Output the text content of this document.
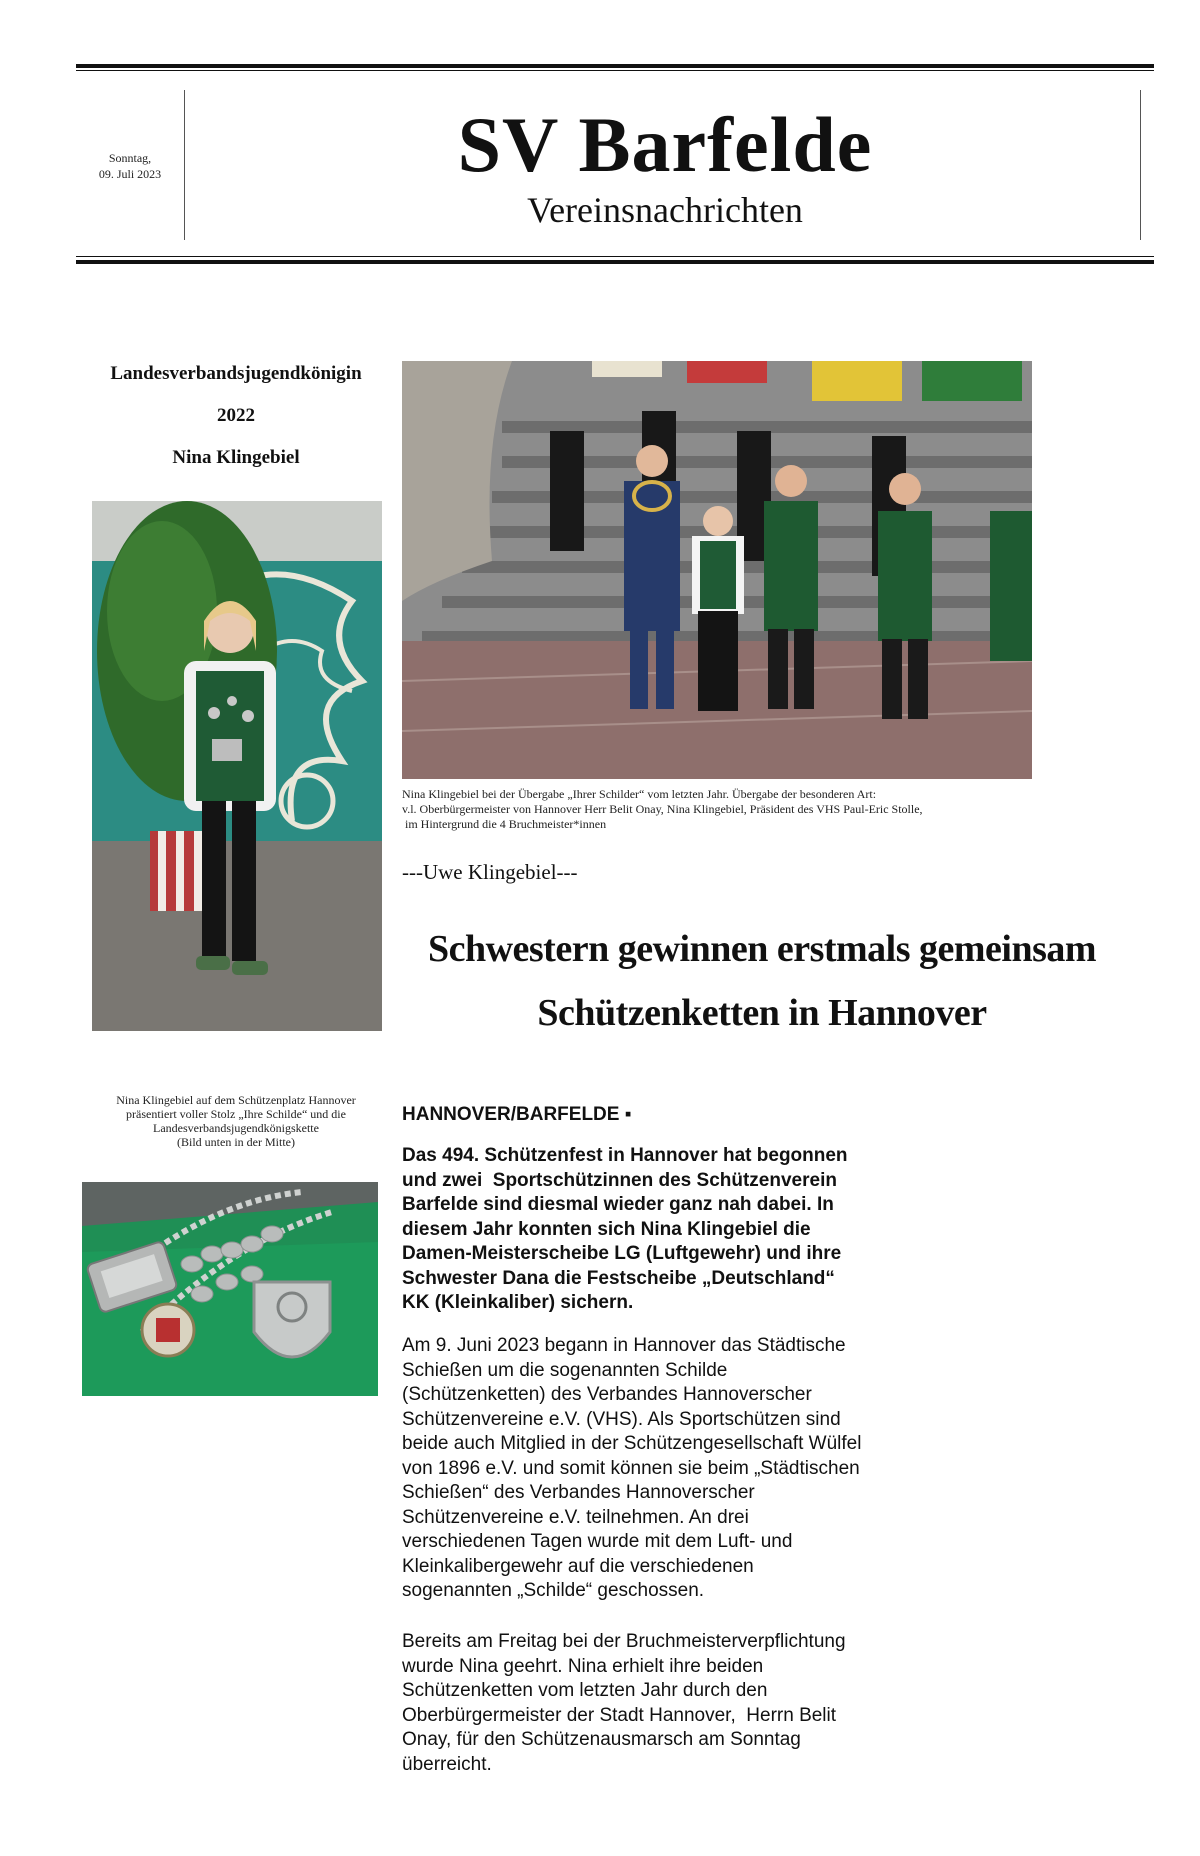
Sonntag,
09. Juli 2023	SV Barfelde
Vereinsnachrichten
Landesverbandsjugendkönigin
2022
Nina Klingebiel
Nina Klingebiel auf dem Schützenplatz Hannover
präsentiert voller Stolz „Ihre Schilde“ und die
Landesverbandsjugendkönigskette
(Bild unten in der Mitte)
Nina Klingebiel bei der Übergabe „Ihrer Schilder“ vom letzten Jahr. Übergabe der besonderen Art:
v.l. Oberbürgermeister von Hannover Herr Belit Onay, Nina Klingebiel, Präsident des VHS Paul-Eric Stolle,
im Hintergrund die 4 Bruchmeister*innen
---Uwe Klingebiel---
Schwestern gewinnen erstmals gemeinsam
Schützenketten in Hannover
HANNOVER/BARFELDE ▪
Das 494. Schützenfest in Hannover hat begonnen
und zwei  Sportschützinnen des Schützenverein
Barfelde sind diesmal wieder ganz nah dabei. In
diesem Jahr konnten sich Nina Klingebiel die
Damen-Meisterscheibe LG (Luftgewehr) und ihre
Schwester Dana die Festscheibe „Deutschland“
KK (Kleinkaliber) sichern.
Am 9. Juni 2023 begann in Hannover das Städtische
Schießen um die sogenannten Schilde
(Schützenketten) des Verbandes Hannoverscher
Schützenvereine e.V. (VHS). Als Sportschützen sind
beide auch Mitglied in der Schützengesellschaft Wülfel
von 1896 e.V. und somit können sie beim „Städtischen
Schießen“ des Verbandes Hannoverscher
Schützenvereine e.V. teilnehmen. An drei
verschiedenen Tagen wurde mit dem Luft- und
Kleinkalibergewehr auf die verschiedenen
sogenannten „Schilde“ geschossen.
Bereits am Freitag bei der Bruchmeisterverpflichtung
wurde Nina geehrt. Nina erhielt ihre beiden
Schützenketten vom letzten Jahr durch den
Oberbürgermeister der Stadt Hannover,  Herrn Belit
Onay, für den Schützenausmarsch am Sonntag
überreicht.
